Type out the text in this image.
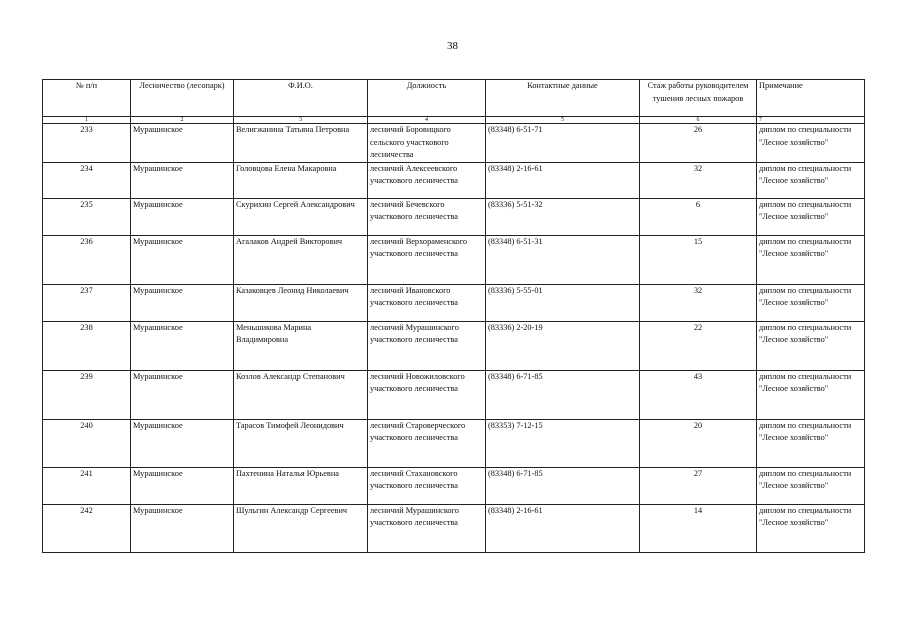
38
№ п/п	Лесничество (лесопарк)	Ф.И.О.	Должность	Контактные данные	Стаж работы руководителем тушения лесных пожаров	Примечание
1	2	3	4	5	6	7
233	Мурашинское	Велигжанина Татьяна Петровна	лесничий Боровицкого сельского участкового лесничества	(83348) 6-51-71	26	диплом по специальности "Лесное хозяйство"
234	Мурашинское	Головцова Елена Макаровна	лесничий Алексеевского участкового лесничества	(83348) 2-16-61	32	диплом по специальности "Лесное хозяйство"
235	Мурашинское	Скурихин Сергей Александрович	лесничий Бечевского участкового лесничества	(83336) 5-51-32	6	диплом по специальности "Лесное хозяйство"
236	Мурашинское	Агалаков Андрей Викторович	лесничий Верхораменского участкового лесничества	(83348) 6-51-31	15	диплом по специальности "Лесное хозяйство"
237	Мурашинское	Казаковцев Леонид Николаевич	лесничий Ивановского участкового лесничества	(83336) 5-55-01	32	диплом по специальности "Лесное хозяйство"
238	Мурашинское	Меньшикова Марина Владимировна	лесничий Мурашинского участкового лесничества	(83336) 2-20-19	22	диплом по специальности "Лесное хозяйство"
239	Мурашинское	Козлов Александр Степанович	лесничий Новожиловского участкового лесничества	(83348) 6-71-85	43	диплом по специальности "Лесное хозяйство"
240	Мурашинское	Тарасов Тимофей Леонидович	лесничий Староверческого участкового лесничества	(83353) 7-12-15	20	диплом по специальности "Лесное хозяйство"
241	Мурашинское	Пахтенина Наталья Юрьевна	лесничий Стахановского участкового лесничества	(83348) 6-71-85	27	диплом по специальности "Лесное хозяйство"
242	Мурашинское	Шульгин Александр Сергеевич	лесничий Мурашинского участкового лесничества	(83348) 2-16-61	14	диплом по специальности "Лесное хозяйство"
